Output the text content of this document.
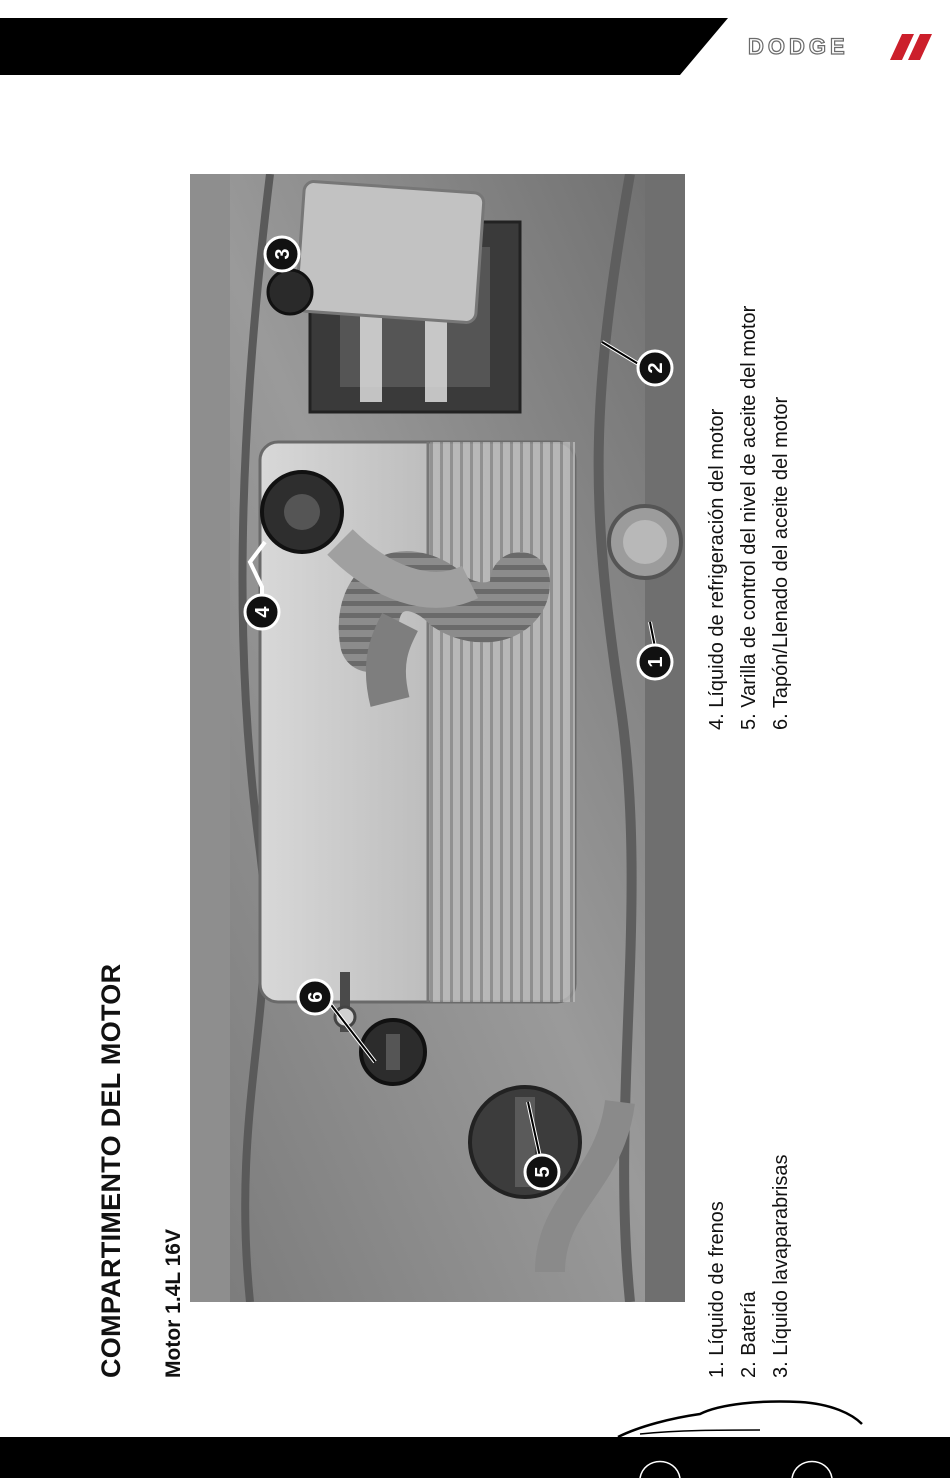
DODGE
COMPARTIMENTO DEL MOTOR Motor 1.4L 16V
1
2
3
4
5
6
1. Líquido de frenos
2. Batería
3. Líquido lavaparabrisas
4. Líquido de refrigeración del motor
5. Varilla de control del nivel de aceite del motor
6. Tapón/Llenado del aceite del motor
